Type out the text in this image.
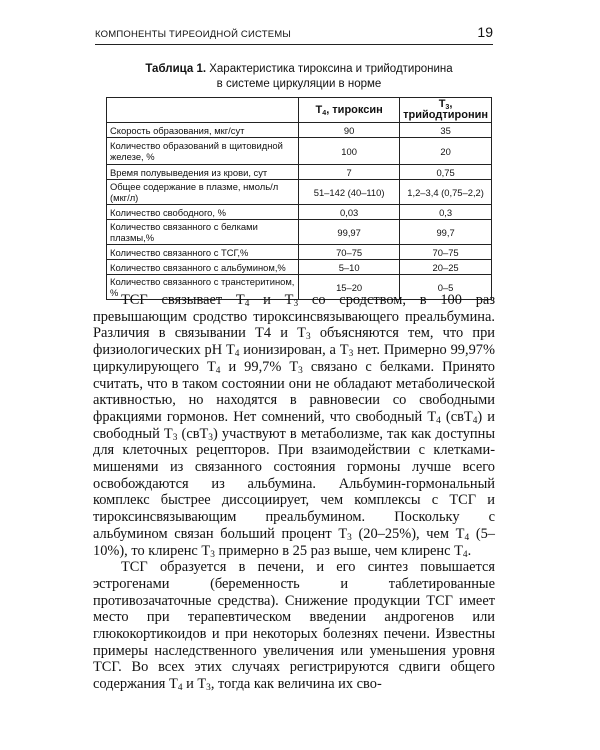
КОМПОНЕНТЫ ТИРЕОИДНОЙ СИСТЕМЫ	19
Таблица 1. Характеристика тироксина и трийодтиронина
в системе циркуляции в норме
	$Т_4$, тироксин	$Т_3$, трийодтиронин
Скорость образования, мкг/сут	90	35
Количество образований в щитовидной железе, %	100	20
Время полувыведения из крови, сут	7	0,75
Общее содержание в плазме, нмоль/л (мкг/л)	51–142 (40–110)	1,2–3,4 (0,75–2,2)
Количество свободного, %	0,03	0,3
Количество связанного с белками плазмы,%	99,97	99,7
Количество связанного с ТСГ,%	70–75	70–75
Количество связанного с альбумином,%	5–10	20–25
Количество связанного с транстеритином, %	15–20	0–5

ТСГ связывает $Т_4$ и $Т_3$ со сродством, в 100 раз превышающим сродство тироксинсвязывающего преальбумина. Различия в связывании Т4 и $Т_3$ объясняются тем, что при физиологических pH $Т_4$ ионизирован, а $Т_3$ нет. Примерно 99,97% циркулирующего $Т_4$ и 99,7% $Т_3$ связано с белками. Принято считать, что в таком состоянии они не обладают метаболической активностью, но находятся в равновесии со свободными фракциями гормонов. Нет сомнений, что свободный $Т_4$ (свТ$_4$) и свободный $Т_3$ (свТ$_3$) участвуют в метаболизме, так как доступны для клеточных рецепторов. При взаимодействии с клетками-мишенями из связанного состояния гормоны лучше всего освобождаются из альбумина. Альбумин-гормональный комплекс быстрее диссоциирует, чем комплексы с ТСГ и тироксинсвязывающим преальбумином. Поскольку с альбумином связан больший процент $Т_3$ (20–25%), чем $Т_4$ (5–10%), то клиренс $Т_3$ примерно в 25 раз выше, чем клиренс $Т_4$.

ТСГ образуется в печени, и его синтез повышается эстрогенами (беременность и таблетированные противозачаточные средства). Снижение продукции ТСГ имеет место при терапевтическом введении андрогенов или глюкокортикоидов и при некоторых болезнях печени. Известны примеры наследственного увеличения или уменьшения уровня ТСГ. Во всех этих случаях регистрируются сдвиги общего содержания $Т_4$ и $Т_3$, тогда как величина их сво-
